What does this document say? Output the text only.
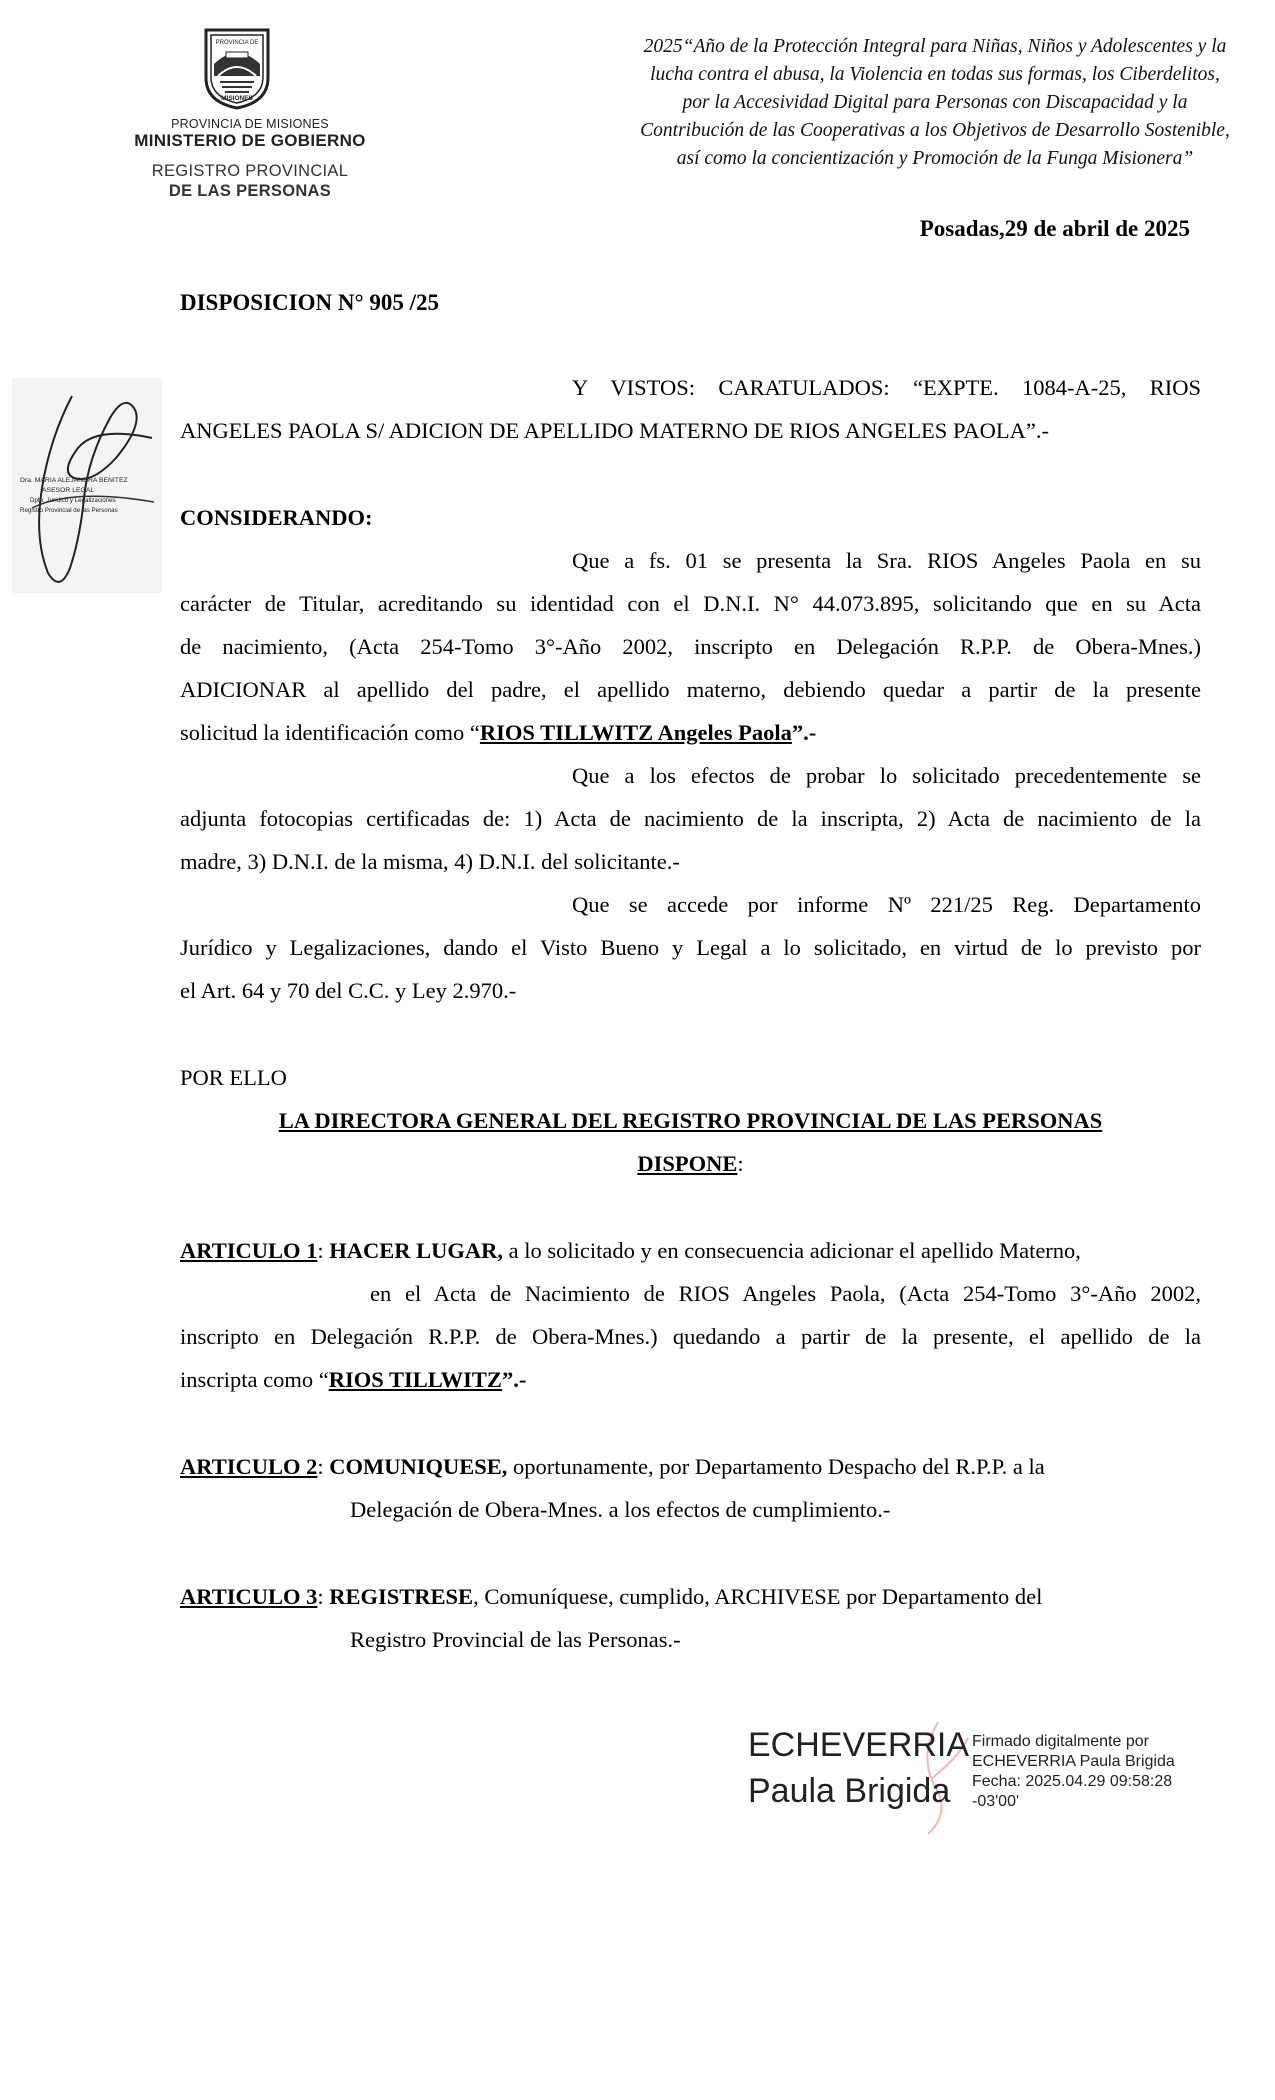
PROVINCIA DE
MISIONES
PROVINCIA DE MISIONES
MINISTERIO DE GOBIERNO
REGISTRO PROVINCIAL
DE LAS PERSONAS
2025“Año de la Protección Integral para Niñas, Niños y Adolescentes y la lucha contra el abusa, la Violencia en todas sus formas, los Ciberdelitos, por la Accesividad Digital para Personas con Discapacidad y la Contribución de las Cooperativas a los Objetivos de Desarrollo Sostenible, así como la concientización y Promoción de la Funga Misionera”
Posadas,29 de abril de 2025
DISPOSICION N° 905 /25
Dra. MARIA ALEJANDRA BENITEZ
ASESOR LEGAL
Dpto. Jurídico y Legalizaciones
Registro Provincial de las Personas
Y VISTOS: CARATULADOS: “EXPTE. 1084-A-25, RIOS
ANGELES PAOLA S/ ADICION DE APELLIDO MATERNO DE RIOS ANGELES PAOLA”.-
CONSIDERANDO:
Que a fs. 01 se presenta la Sra. RIOS Angeles Paola en su
carácter de Titular, acreditando su identidad con el D.N.I. N° 44.073.895, solicitando que en su Acta
de nacimiento, (Acta 254-Tomo 3°-Año 2002, inscripto en Delegación R.P.P. de Obera-Mnes.)
ADICIONAR al apellido del padre, el apellido materno, debiendo quedar a partir de la presente
solicitud la identificación como “RIOS TILLWITZ Angeles Paola”.-
Que a los efectos de probar lo solicitado precedentemente se
adjunta fotocopias certificadas de: 1) Acta de nacimiento de la inscripta, 2) Acta de nacimiento de la
madre, 3) D.N.I. de la misma, 4) D.N.I. del solicitante.-
Que se accede por informe Nº 221/25 Reg. Departamento
Jurídico y Legalizaciones, dando el Visto Bueno y Legal a lo solicitado, en virtud de lo previsto por
el Art. 64 y 70 del C.C. y Ley 2.970.-
POR ELLO
LA DIRECTORA GENERAL DEL REGISTRO PROVINCIAL DE LAS PERSONAS
DISPONE:
ARTICULO 1: HACER LUGAR, a lo solicitado y en consecuencia adicionar el apellido Materno,
en el Acta de Nacimiento de RIOS Angeles Paola, (Acta 254-Tomo 3°-Año 2002,
inscripto en Delegación R.P.P. de Obera-Mnes.) quedando a partir de la presente, el apellido de la
inscripta como “RIOS TILLWITZ”.-
ARTICULO 2: COMUNIQUESE, oportunamente, por Departamento Despacho del R.P.P. a la
Delegación de Obera-Mnes. a los efectos de cumplimiento.-
ARTICULO 3: REGISTRESE, Comuníquese, cumplido, ARCHIVESE por Departamento del
Registro Provincial de las Personas.-
ECHEVERRIA
Paula Brigida
Firmado digitalmente por
ECHEVERRIA Paula Brigida
Fecha: 2025.04.29 09:58:28
-03'00'
